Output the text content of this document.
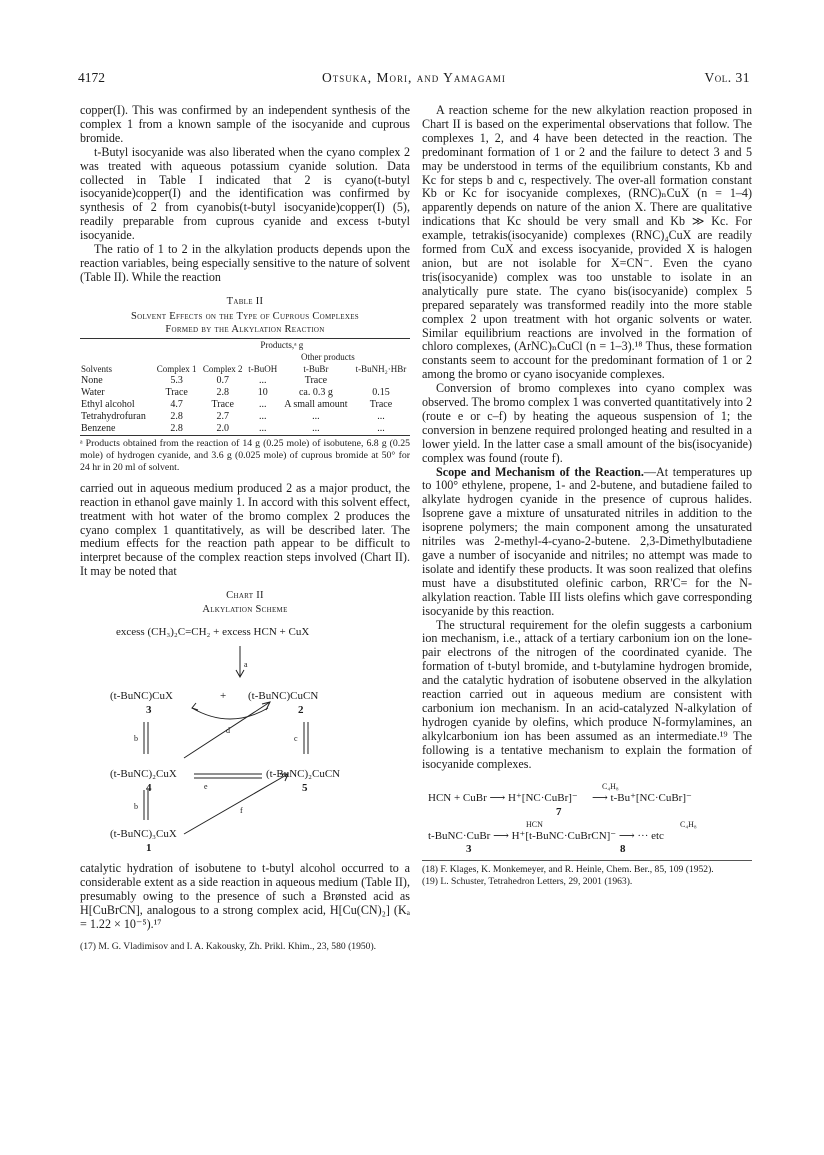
4172	Otsuka, Mori, and Yamagami	Vol. 31

copper(I). This was confirmed by an independent synthesis of the complex 1 from a known sample of the isocyanide and cuprous bromide.

t-Butyl isocyanide was also liberated when the cyano complex 2 was treated with aqueous potassium cyanide solution. Data collected in Table I indicated that 2 is cyano(t-butyl isocyanide)copper(I) and the identification was confirmed by synthesis of 2 from cyanobis(t-butyl isocyanide)copper(I) (5), readily preparable from cuprous cyanide and excess t-butyl isocyanide.

The ratio of 1 to 2 in the alkylation products depends upon the reaction variables, being especially sensitive to the nature of solvent (Table II). While the reaction

Table II
Solvent Effects on the Type of Cuprous Complexes
Formed by the Alkylation Reaction
	Products,ᵃ g				
			Other products		
Solvents	Complex 1	Complex 2	t-BuOH	t-BuBr	t-BuNH₂·HBr
None	5.3	0.7	...	Trace	
Water	Trace	2.8	10	ca. 0.3 g	0.15
Ethyl alcohol	4.7	Trace	...	A small amount	Trace
Tetrahydrofuran	2.8	2.7	...	...	...
Benzene	2.8	2.0	...	...	...
ᵃ Products obtained from the reaction of 14 g (0.25 mole) of isobutene, 6.8 g (0.25 mole) of hydrogen cyanide, and 3.6 g (0.025 mole) of cuprous bromide at 50° for 24 hr in 20 ml of solvent.

carried out in aqueous medium produced 2 as a major product, the reaction in ethanol gave mainly 1. In accord with this solvent effect, treatment with hot water of the bromo complex 2 produces the cyano complex 1 quantitatively, as will be described later. The medium effects for the reaction path appear to be difficult to interpret because of the complex reaction steps involved (Chart II). It may be noted that

Chart II
Alkylation Scheme
excess (CH₃)₂C=CH₂ + excess HCN + CuX
a
(t-BuNC)CuX
3
+ (t-BuNC)CuCN
2
d
b	c
(t-BuNC)₂CuX
4
(t-BuNC)₂CuCN
5
e
b	f
(t-BuNC)₃CuX
1

catalytic hydration of isobutene to t-butyl alcohol occurred to a considerable extent as a side reaction in aqueous medium (Table II), presumably owing to the presence of such a Brønsted acid as H[CuBrCN], analogous to a strong complex acid, H[Cu(CN)₂] (Kₐ = 1.22 × 10⁻⁵).¹⁷

(17) M. G. Vladimisov and I. A. Kakousky, Zh. Prikl. Khim., 23, 580 (1950).

A reaction scheme for the new alkylation reaction proposed in Chart II is based on the experimental observations that follow. The complexes 1, 2, and 4 have been detected in the reaction. The predominant formation of 1 or 2 and the failure to detect 3 and 5 may be understood in terms of the equilibrium constants, Kb and Kc for steps b and c, respectively. The over-all formation constant Kb or Kc for isocyanide complexes, (RNC)ₙCuX (n = 1–4) apparently depends on nature of the anion X. There are qualitative indications that Kc should be very small and Kb ≫ Kc. For example, tetrakis(isocyanide) complexes (RNC)₄CuX are readily formed from CuX and excess isocyanide, provided X is halogen anion, but are not isolable for X=CN⁻. Even the cyano tris(isocyanide) complex was too unstable to isolate in an analytically pure state. The cyano bis(isocyanide) complex 5 prepared separately was transformed readily into the more stable complex 2 upon treatment with hot organic solvents or water. Similar equilibrium reactions are involved in the formation of chloro complexes, (ArNC)ₙCuCl (n = 1–3).¹⁸ Thus, these formation constants seem to account for the predominant formation of 1 or 2 among the bromo or cyano isocyanide complexes.

Conversion of bromo complexes into cyano complex was observed. The bromo complex 1 was converted quantitatively into 2 (route e or c–f) by heating the aqueous suspension of 1; the conversion in benzene required prolonged heating and resulted in a lower yield. In the latter case a small amount of the bis(isocyanide) complex was found (route f).

Scope and Mechanism of the Reaction.—At temperatures up to 100° ethylene, propene, 1- and 2-butene, and butadiene failed to alkylate hydrogen cyanide in the presence of cuprous halides. Isoprene gave a mixture of unsaturated nitriles in addition to the isoprene polymers; the main component among the unsaturated nitriles was 2-methyl-4-cyano-2-butene. 2,3-Dimethylbutadiene gave a number of isocyanide and nitriles; no attempt was made to isolate and identify these products. It was soon realized that olefins must have a disubstituted olefinic carbon, RR'C= for the N-alkylation reaction. Table III lists olefins which gave corresponding isocyanide by this reaction.

The structural requirement for the olefin suggests a carbonium ion mechanism, i.e., attack of a tertiary carbonium ion on the lone-pair electrons of the nitrogen of the coordinated cyanide. The formation of t-butyl bromide, and t-butylamine hydrogen bromide, and the catalytic hydration of isobutene observed in the alkylation reaction carried out in aqueous medium are consistent with carbonium ion mechanism. In an acid-catalyzed N-alkylation of hydrogen cyanide by olefins, which produce N-formylamines, an alkylcarbonium ion has been assumed as an intermediate.¹⁹ The following is a tentative mechanism to explain the formation of isocyanide complexes.

HCN + CuBr ⟶ H⁺[NC·CuBr]⁻
C₄H₈
⟶ t-Bu⁺[NC·CuBr]⁻
7
HCN	C₄H₈
t-BuNC·CuBr ⟶ H⁺[t-BuNC·CuBrCN]⁻ ⟶ ··· etc
3	8
(18) F. Klages, K. Monkemeyer, and R. Heinle, Chem. Ber., 85, 109 (1952).
(19) L. Schuster, Tetrahedron Letters, 29, 2001 (1963).
